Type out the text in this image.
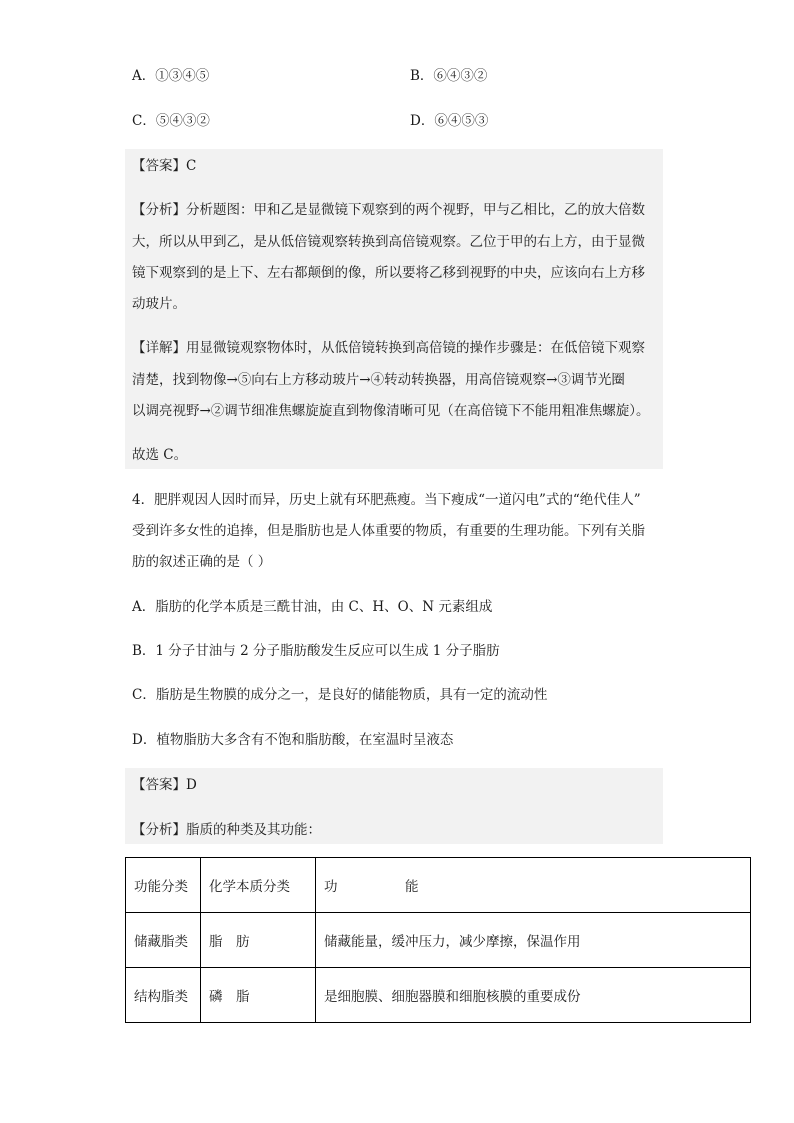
A．①③④⑤	B．⑥④③②
C．⑤④③②	D．⑥④⑤③
【答案】C
【分析】分析题图：甲和乙是显微镜下观察到的两个视野，甲与乙相比，乙的放大倍数
大，所以从甲到乙，是从低倍镜观察转换到高倍镜观察。乙位于甲的右上方，由于显微
镜下观察到的是上下、左右都颠倒的像，所以要将乙移到视野的中央，应该向右上方移
动玻片。
【详解】用显微镜观察物体时，从低倍镜转换到高倍镜的操作步骤是：在低倍镜下观察
清楚，找到物像→⑤向右上方移动玻片→④转动转换器，用高倍镜观察→③调节光圈
以调亮视野→②调节细准焦螺旋旋直到物像清晰可见（在高倍镜下不能用粗准焦螺旋）。
故选 C。
4．肥胖观因人因时而异，历史上就有环肥燕瘦。当下瘦成“一道闪电”式的“绝代佳人”
受到许多女性的追捧，但是脂肪也是人体重要的物质，有重要的生理功能。下列有关脂
肪的叙述正确的是（ ）
A．脂肪的化学本质是三酰甘油，由 C、H、O、N 元素组成
B．1 分子甘油与 2 分子脂肪酸发生反应可以生成 1 分子脂肪
C．脂肪是生物膜的成分之一，是良好的储能物质，具有一定的流动性
D．植物脂肪大多含有不饱和脂肪酸，在室温时呈液态
【答案】D
【分析】脂质的种类及其功能：
功能分类	化学本质分类	功　　　　　能
储藏脂类	脂　肪	储藏能量，缓冲压力，减少摩擦，保温作用
结构脂类	磷　脂	是细胞膜、细胞器膜和细胞核膜的重要成份
